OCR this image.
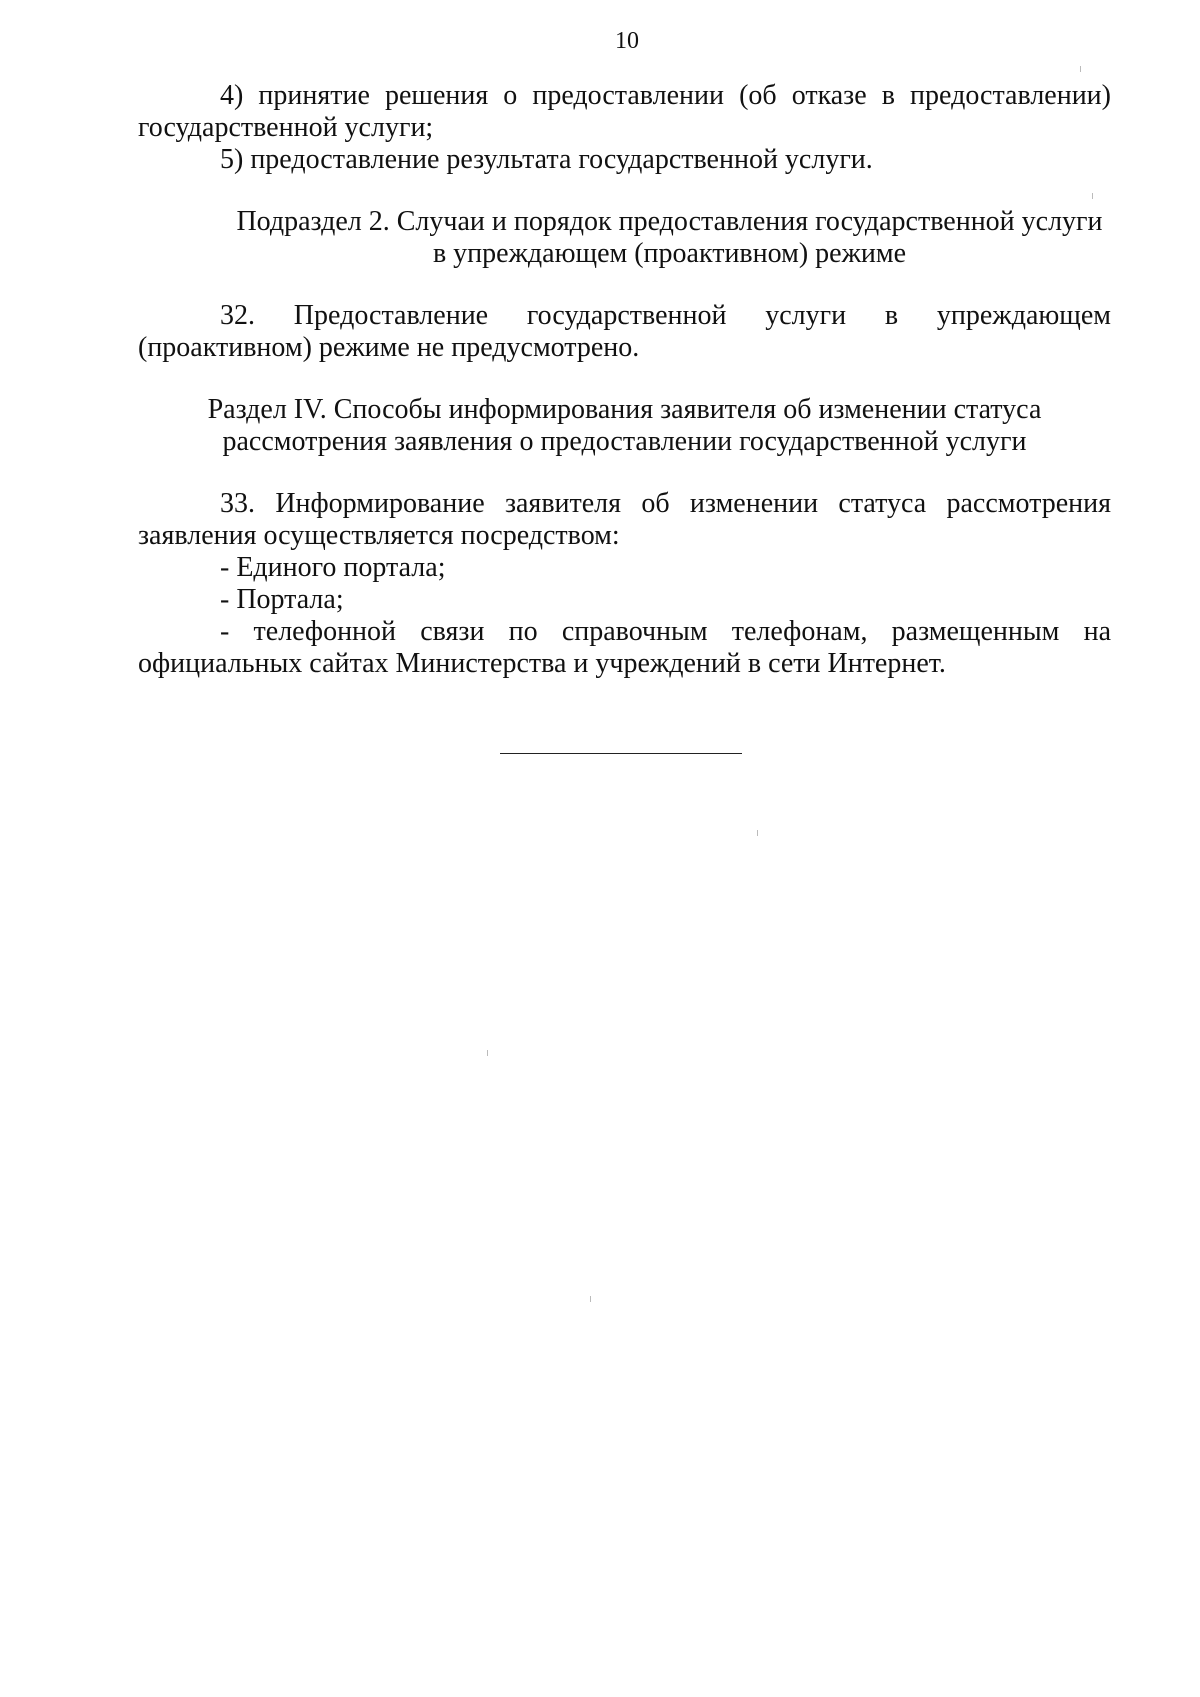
10

4) принятие решения о предоставлении (об отказе в предоставлении) государственной услуги;

5) предоставление результата государственной услуги.

Подраздел 2. Случаи и порядок предоставления государственной услуги

в упреждающем (проактивном) режиме

32. Предоставление государственной услуги в упреждающем (проактивном) режиме не предусмотрено.

Раздел IV. Способы информирования заявителя об изменении статуса

рассмотрения заявления о предоставлении государственной услуги

33. Информирование заявителя об изменении статуса рассмотрения заявления осуществляется посредством:

- Единого портала;

- Портала;

- телефонной связи по справочным телефонам, размещенным на официальных сайтах Министерства и учреждений в сети Интернет.
